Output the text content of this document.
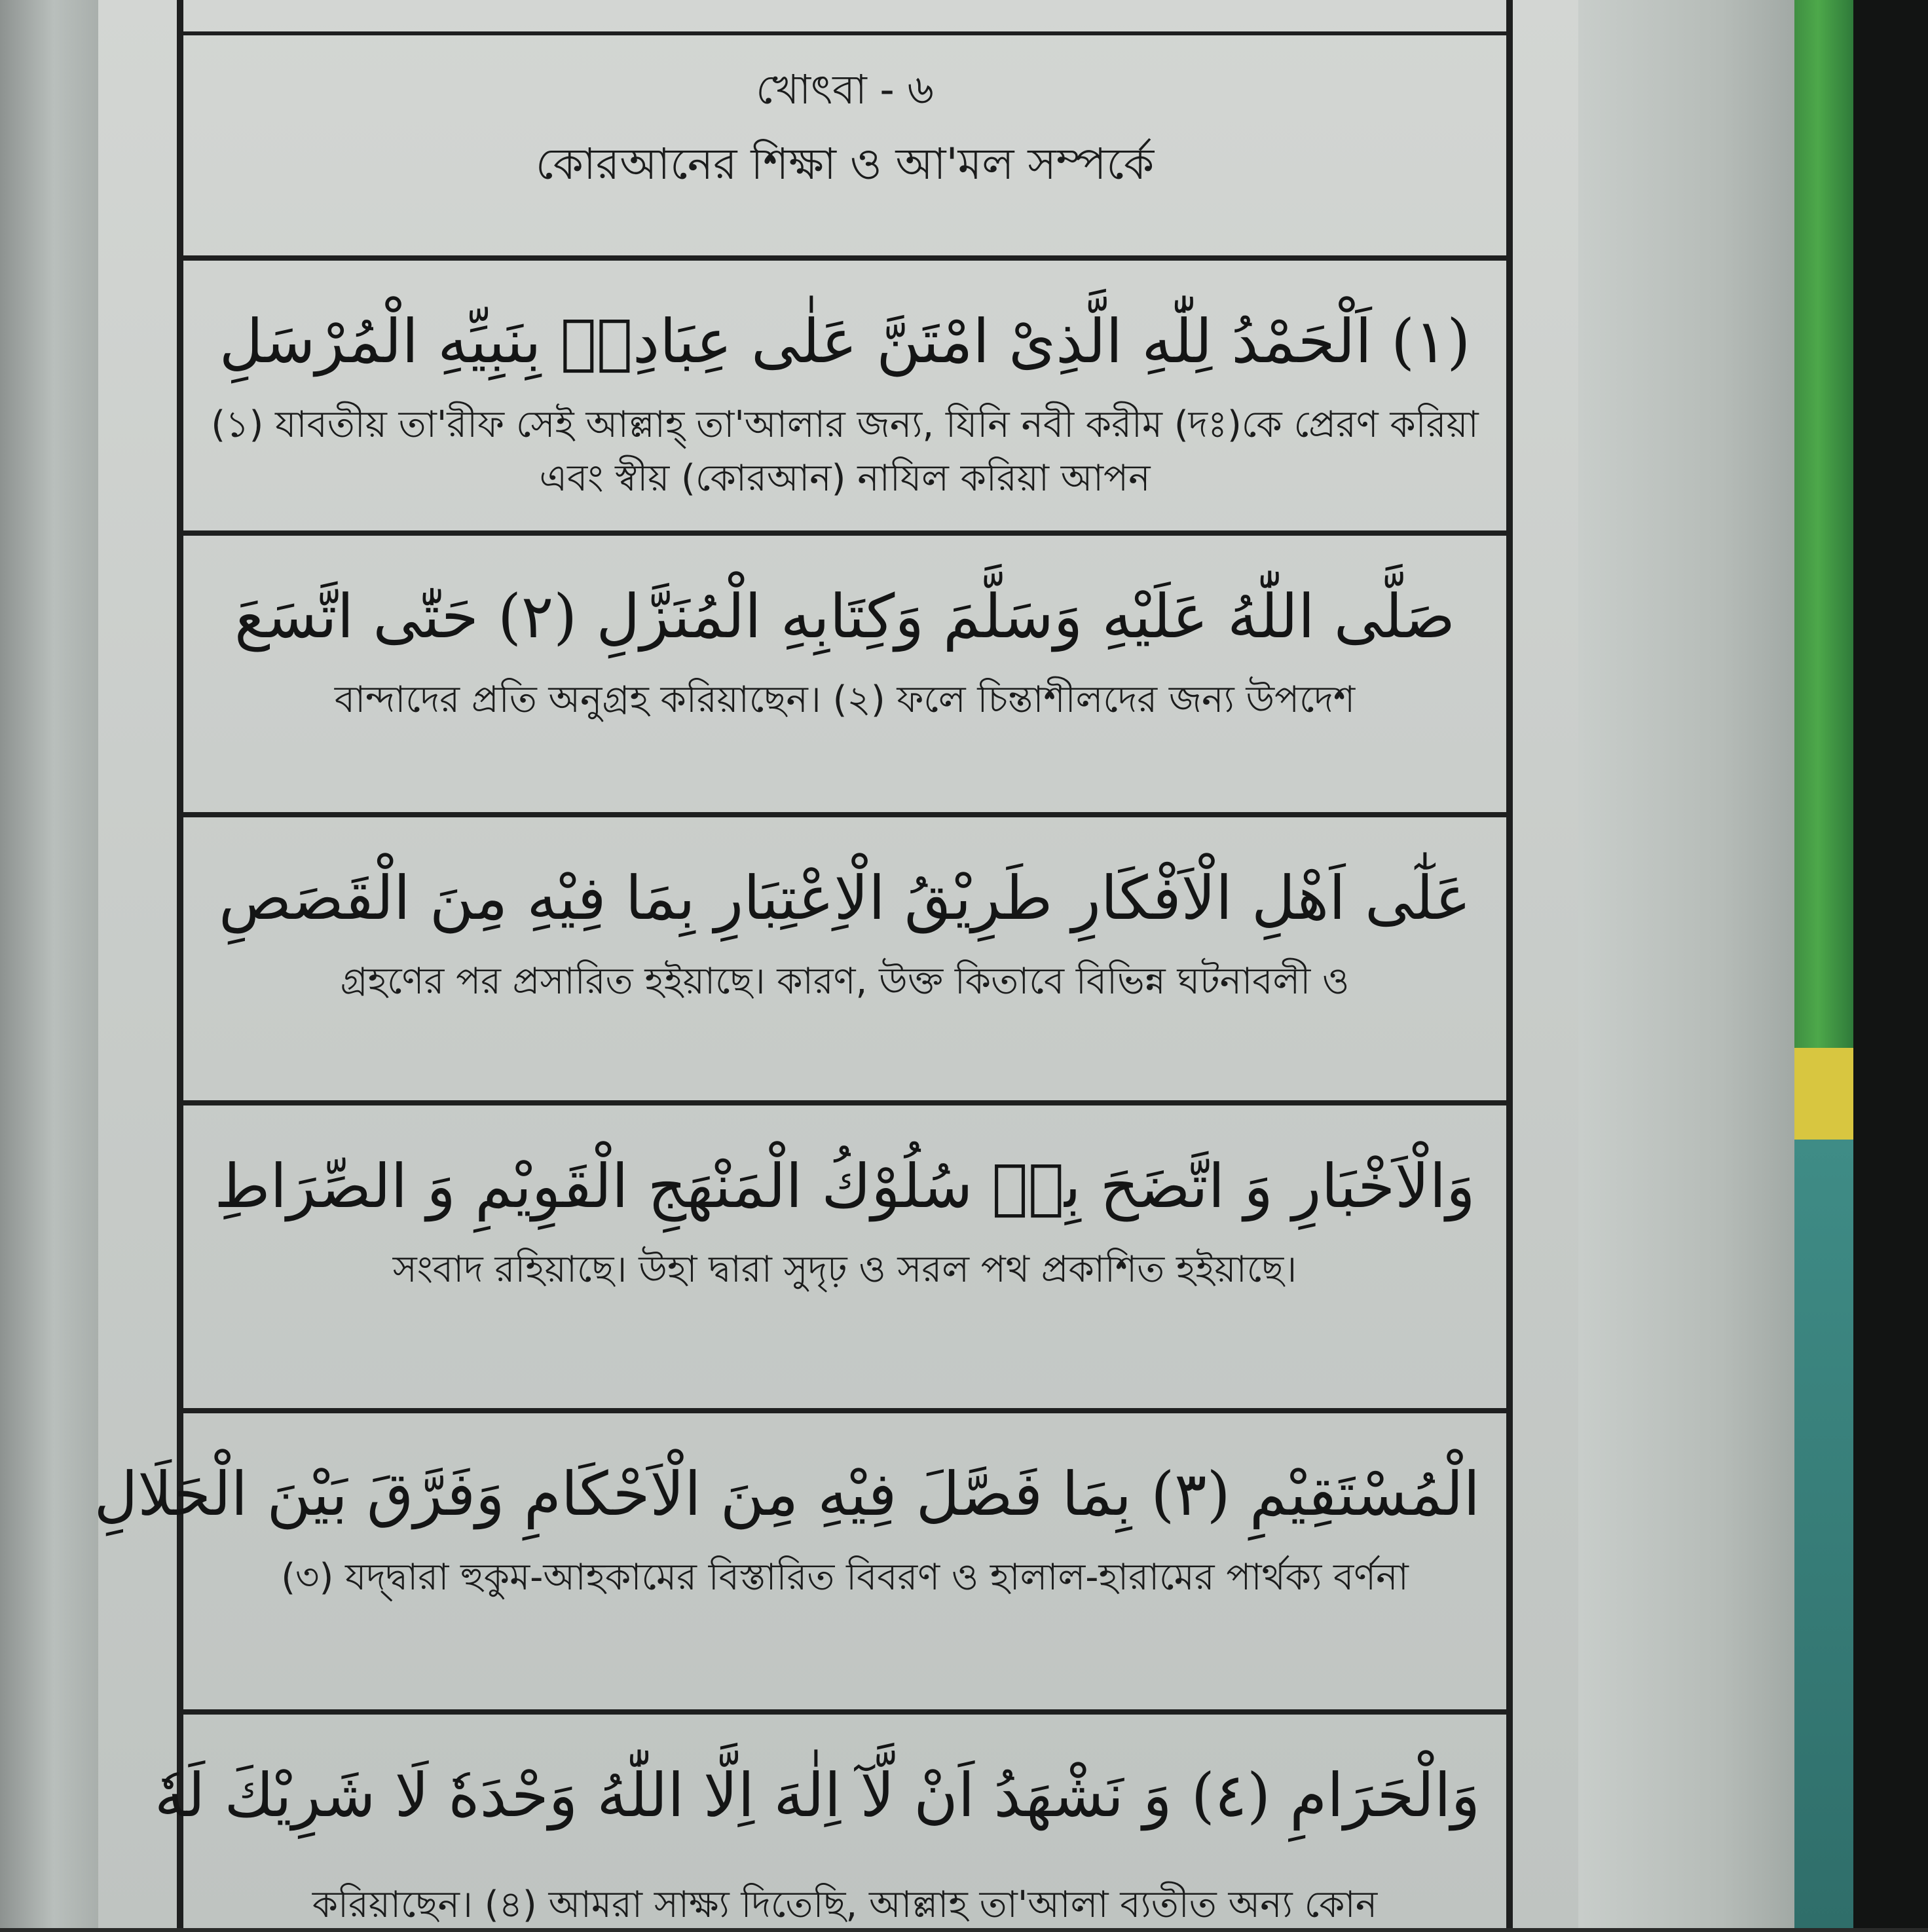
খোৎবা - ৬
কোরআনের শিক্ষা ও আ'মল সম্পর্কে
(١) اَلْحَمْدُ لِلّٰهِ الَّذِىْ امْتَنَّ عَلٰى عِبَادِهٖ بِنَبِيِّهِ الْمُرْسَلِ
(১) যাবতীয় তা'রীফ সেই আল্লাহ্ তা'আলার জন্য, যিনি নবী করীম (দঃ)কে প্রেরণ করিয়া এবং স্বীয় (কোরআন) নাযিল করিয়া আপন
صَلَّى اللّٰهُ عَلَيْهِ وَسَلَّمَ وَكِتَابِهِ الْمُنَزَّلِ (٢) حَتّٰى اتَّسَعَ
বান্দাদের প্রতি অনুগ্রহ করিয়াছেন। (২) ফলে চিন্তাশীলদের জন্য উপদেশ
عَلٰٓى اَهْلِ الْاَفْكَارِ طَرِيْقُ الْاِعْتِبَارِ بِمَا فِيْهِ مِنَ الْقَصَصِ
গ্রহণের পর প্রসারিত হইয়াছে। কারণ, উক্ত কিতাবে বিভিন্ন ঘটনাবলী ও
وَالْاَخْبَارِ وَ اتَّضَحَ بِهٖ سُلُوْكُ الْمَنْهَجِ الْقَوِيْمِ وَ الصِّرَاطِ
সংবাদ রহিয়াছে। উহা দ্বারা সুদৃঢ় ও সরল পথ প্রকাশিত হইয়াছে।
الْمُسْتَقِيْمِ (٣) بِمَا فَصَّلَ فِيْهِ مِنَ الْاَحْكَامِ وَفَرَّقَ بَيْنَ الْحَلَالِ
(৩) যদ্দ্বারা হুকুম-আহকামের বিস্তারিত বিবরণ ও হালাল-হারামের পার্থক্য বর্ণনা
وَالْحَرَامِ (٤) وَ نَشْهَدُ اَنْ لَّآ اِلٰهَ اِلَّا اللّٰهُ وَحْدَهٗ لَا شَرِيْكَ لَهٗ
করিয়াছেন। (৪) আমরা সাক্ষ্য দিতেছি, আল্লাহ তা'আলা ব্যতীত অন্য কোন
